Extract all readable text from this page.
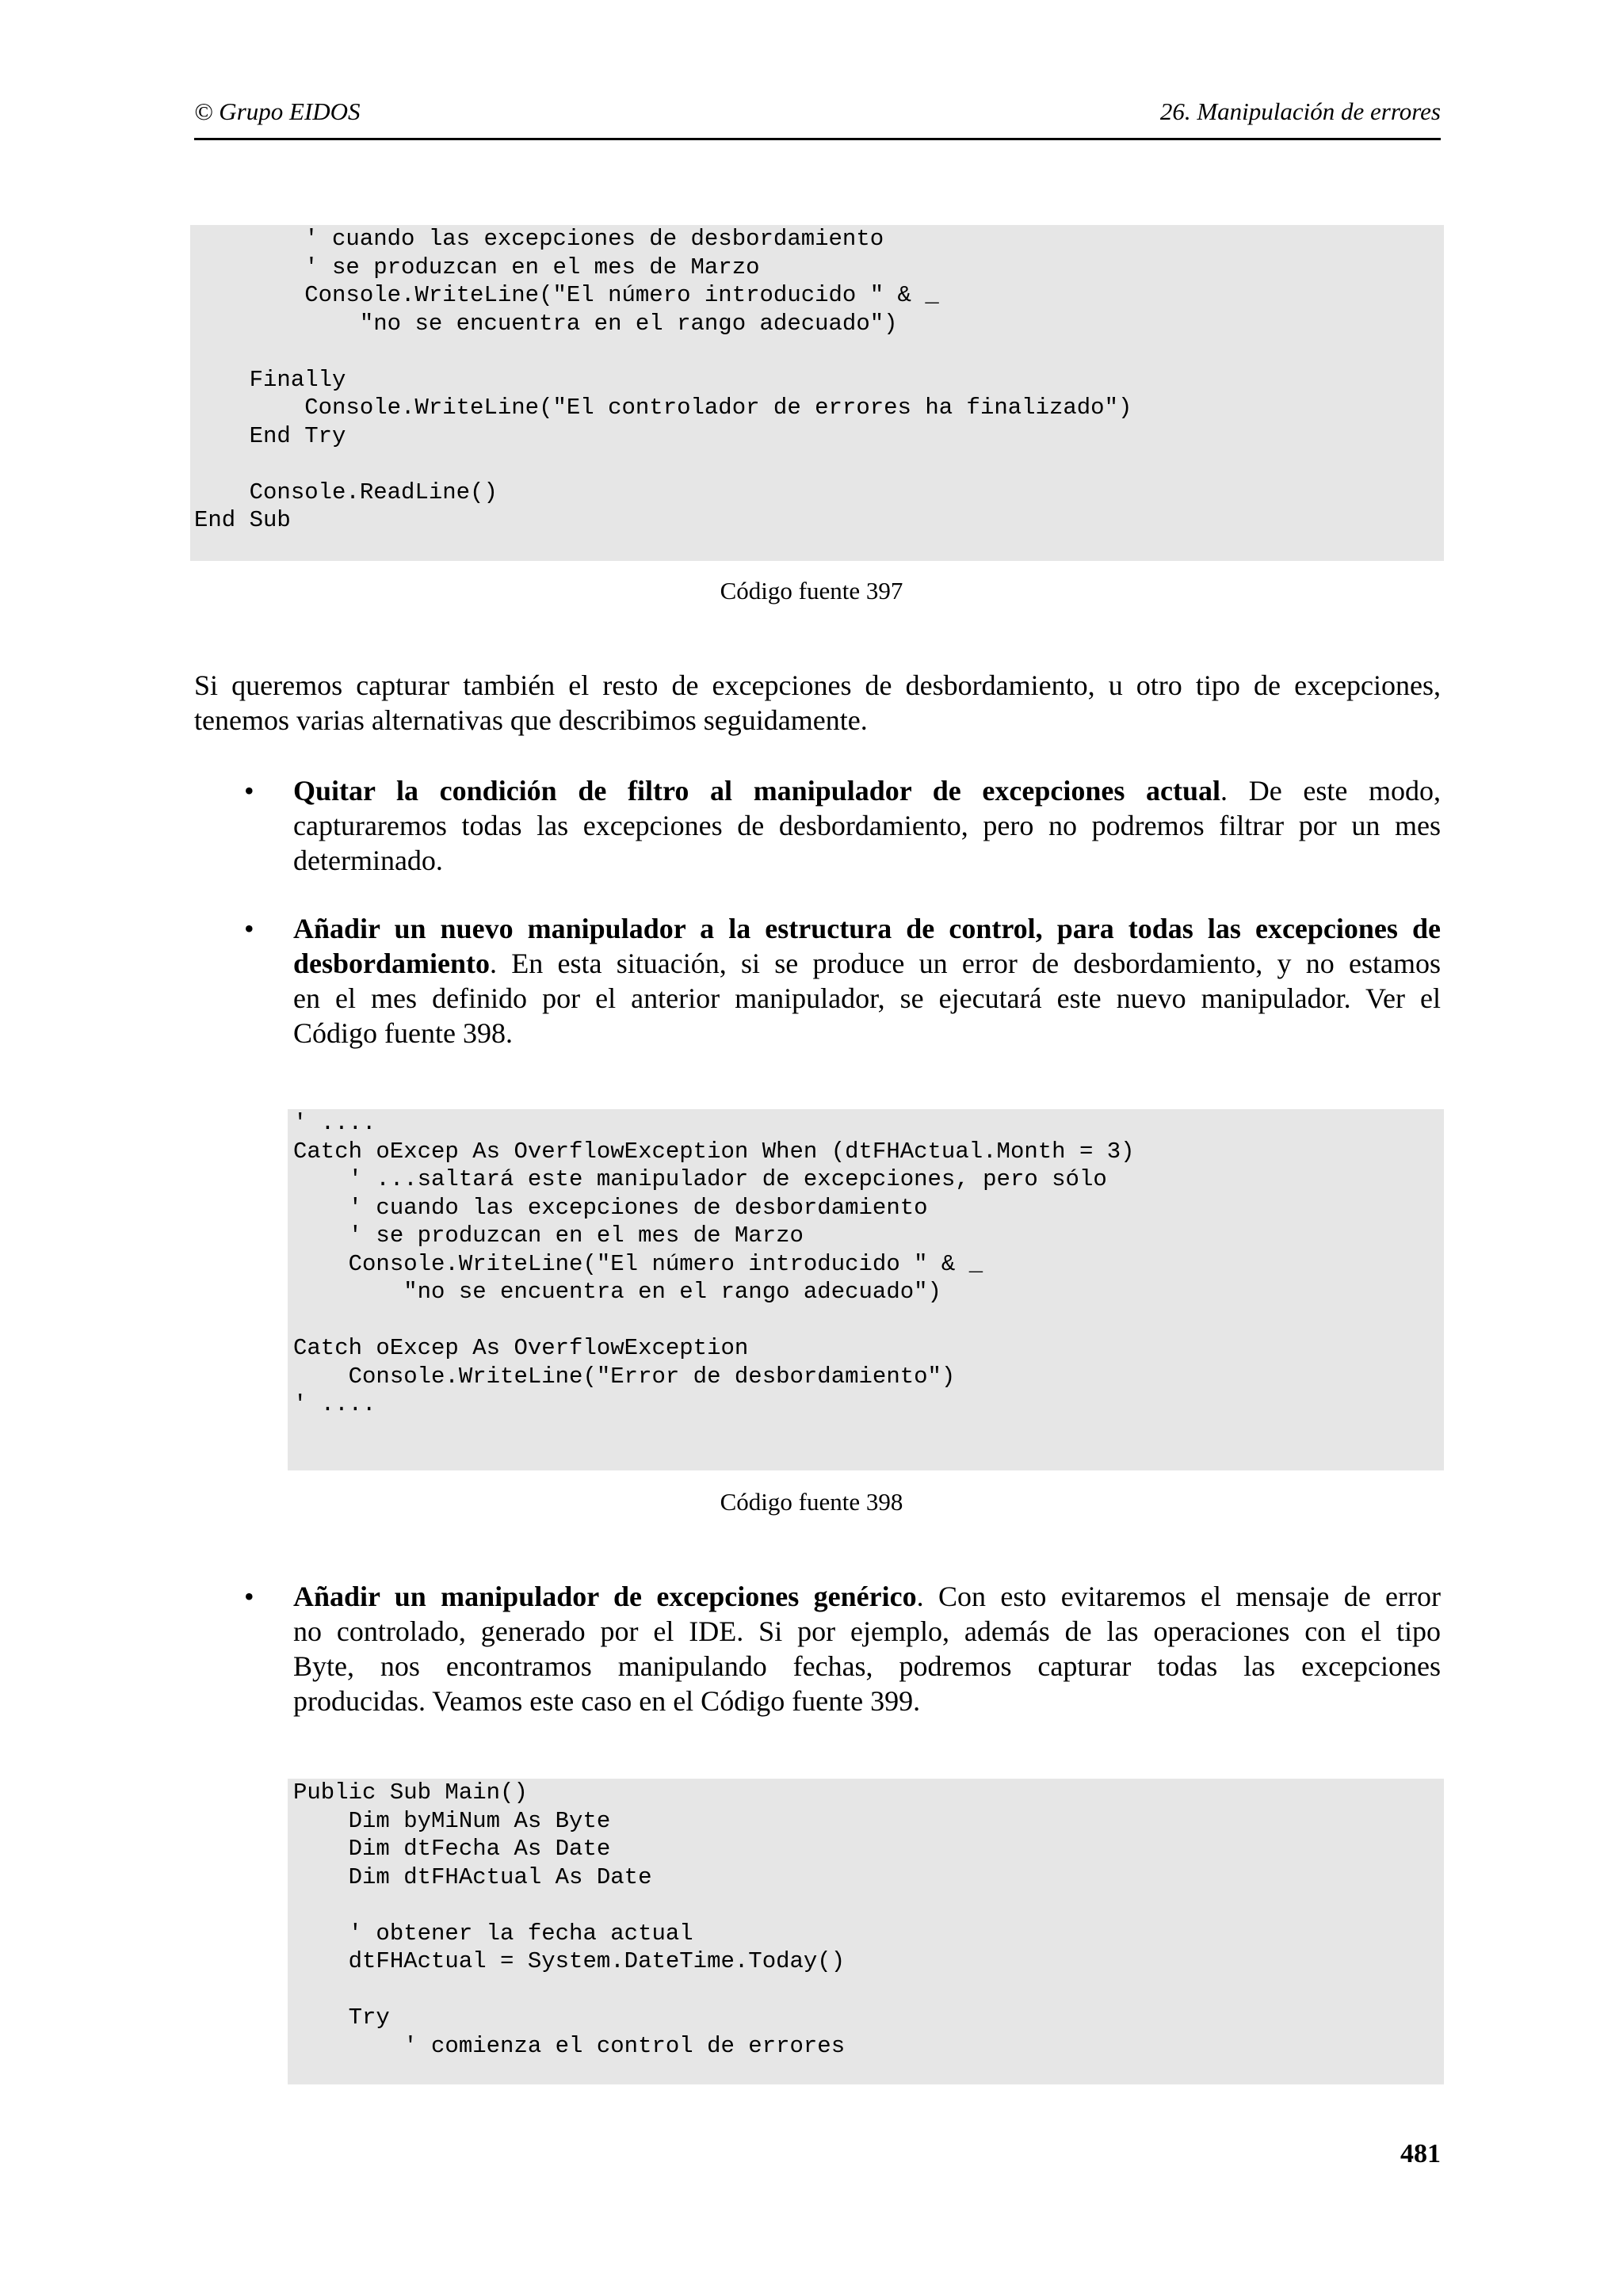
© Grupo EIDOS	26. Manipulación de errores
' cuando las excepciones de desbordamiento
' se produzcan en el mes de Marzo
Console.WriteLine("El número introducido " & _
"no se encuentra en el rango adecuado")

Finally
Console.WriteLine("El controlador de errores ha finalizado")
End Try

Console.ReadLine()
End Sub
Código fuente 397
Si queremos capturar también el resto de excepciones de desbordamiento, u otro tipo de excepciones,
tenemos varias alternativas que describimos seguidamente.
• Quitar la condición de filtro al manipulador de excepciones actual. De este modo,
capturaremos todas las excepciones de desbordamiento, pero no podremos filtrar por un mes
determinado.
• Añadir un nuevo manipulador a la estructura de control, para todas las excepciones de
desbordamiento. En esta situación, si se produce un error de desbordamiento, y no estamos
en el mes definido por el anterior manipulador, se ejecutará este nuevo manipulador. Ver el
Código fuente 398.
' ....
Catch oExcep As OverflowException When (dtFHActual.Month = 3)
' ...saltará este manipulador de excepciones, pero sólo
' cuando las excepciones de desbordamiento
' se produzcan en el mes de Marzo
Console.WriteLine("El número introducido " & _
"no se encuentra en el rango adecuado")

Catch oExcep As OverflowException
Console.WriteLine("Error de desbordamiento")
' ....
Código fuente 398
• Añadir un manipulador de excepciones genérico. Con esto evitaremos el mensaje de error
no controlado, generado por el IDE. Si por ejemplo, además de las operaciones con el tipo
Byte, nos encontramos manipulando fechas, podremos capturar todas las excepciones
producidas. Veamos este caso en el Código fuente 399.
Public Sub Main()
Dim byMiNum As Byte
Dim dtFecha As Date
Dim dtFHActual As Date

' obtener la fecha actual
dtFHActual = System.DateTime.Today()

Try
' comienza el control de errores
481
